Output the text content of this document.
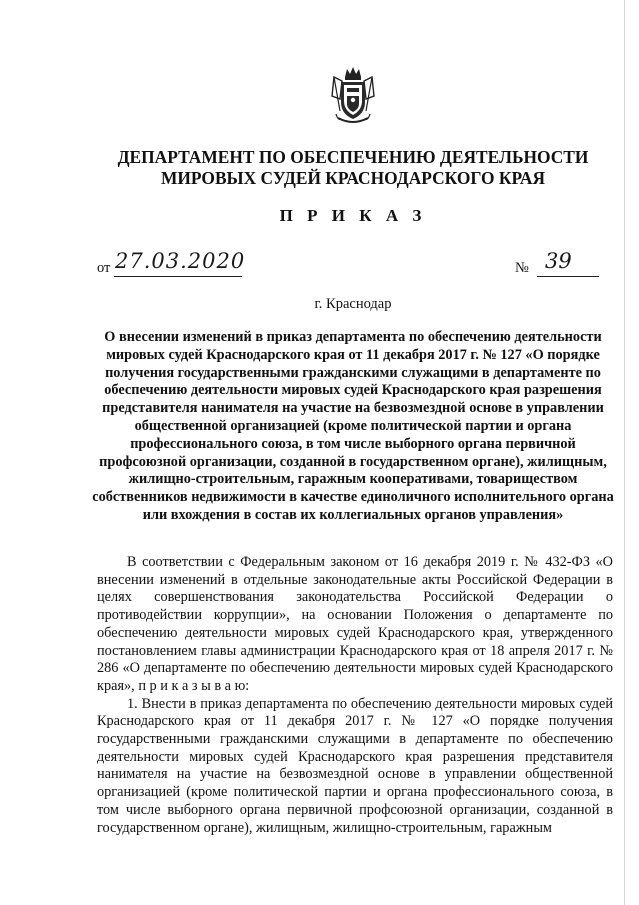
ДЕПАРТАМЕНТ ПО ОБЕСПЕЧЕНИЮ ДЕЯТЕЛЬНОСТИ
МИРОВЫХ СУДЕЙ КРАСНОДАРСКОГО КРАЯ
П Р И К А З
от 27.03.2020	№ 39
г. Краснодар
О внесении изменений в приказ департамента по обеспечению деятельности мировых судей Краснодарского края от 11 декабря 2017 г. № 127 «О порядке получения государственными гражданскими служащими в департаменте по обеспечению деятельности мировых судей Краснодарского края разрешения представителя нанимателя на участие на безвозмездной основе в управлении общественной организацией (кроме политической партии и органа профессионального союза, в том числе выборного органа первичной профсоюзной организации, созданной в государственном органе), жилищным, жилищно-строительным, гаражным кооперативами, товариществом собственников недвижимости в качестве единоличного исполнительного органа или вхождения в состав их коллегиальных органов управления»

В соответствии с Федеральным законом от 16 декабря 2019 г. № 432-ФЗ «О внесении изменений в отдельные законодательные акты Российской Федерации в целях совершенствования законодательства Российской Федерации о противодействии коррупции», на основании Положения о департаменте по обеспечению деятельности мировых судей Краснодарского края, утвержденного постановлением главы администрации Краснодарского края от 18 апреля 2017 г. № 286 «О департаменте по обеспечению деятельности мировых судей Краснодарского края», п р и к а з ы в а ю:

1. Внести в приказ департамента по обеспечению деятельности мировых судей Краснодарского края от 11 декабря 2017 г. № 127 «О порядке получения государственными гражданскими служащими в департаменте по обеспечению деятельности мировых судей Краснодарского края разрешения представителя нанимателя на участие на безвозмездной основе в управлении общественной организацией (кроме политической партии и органа профессионального союза, в том числе выборного органа первичной профсоюзной организации, созданной в государственном органе), жилищным, жилищно-строительным, гаражным
